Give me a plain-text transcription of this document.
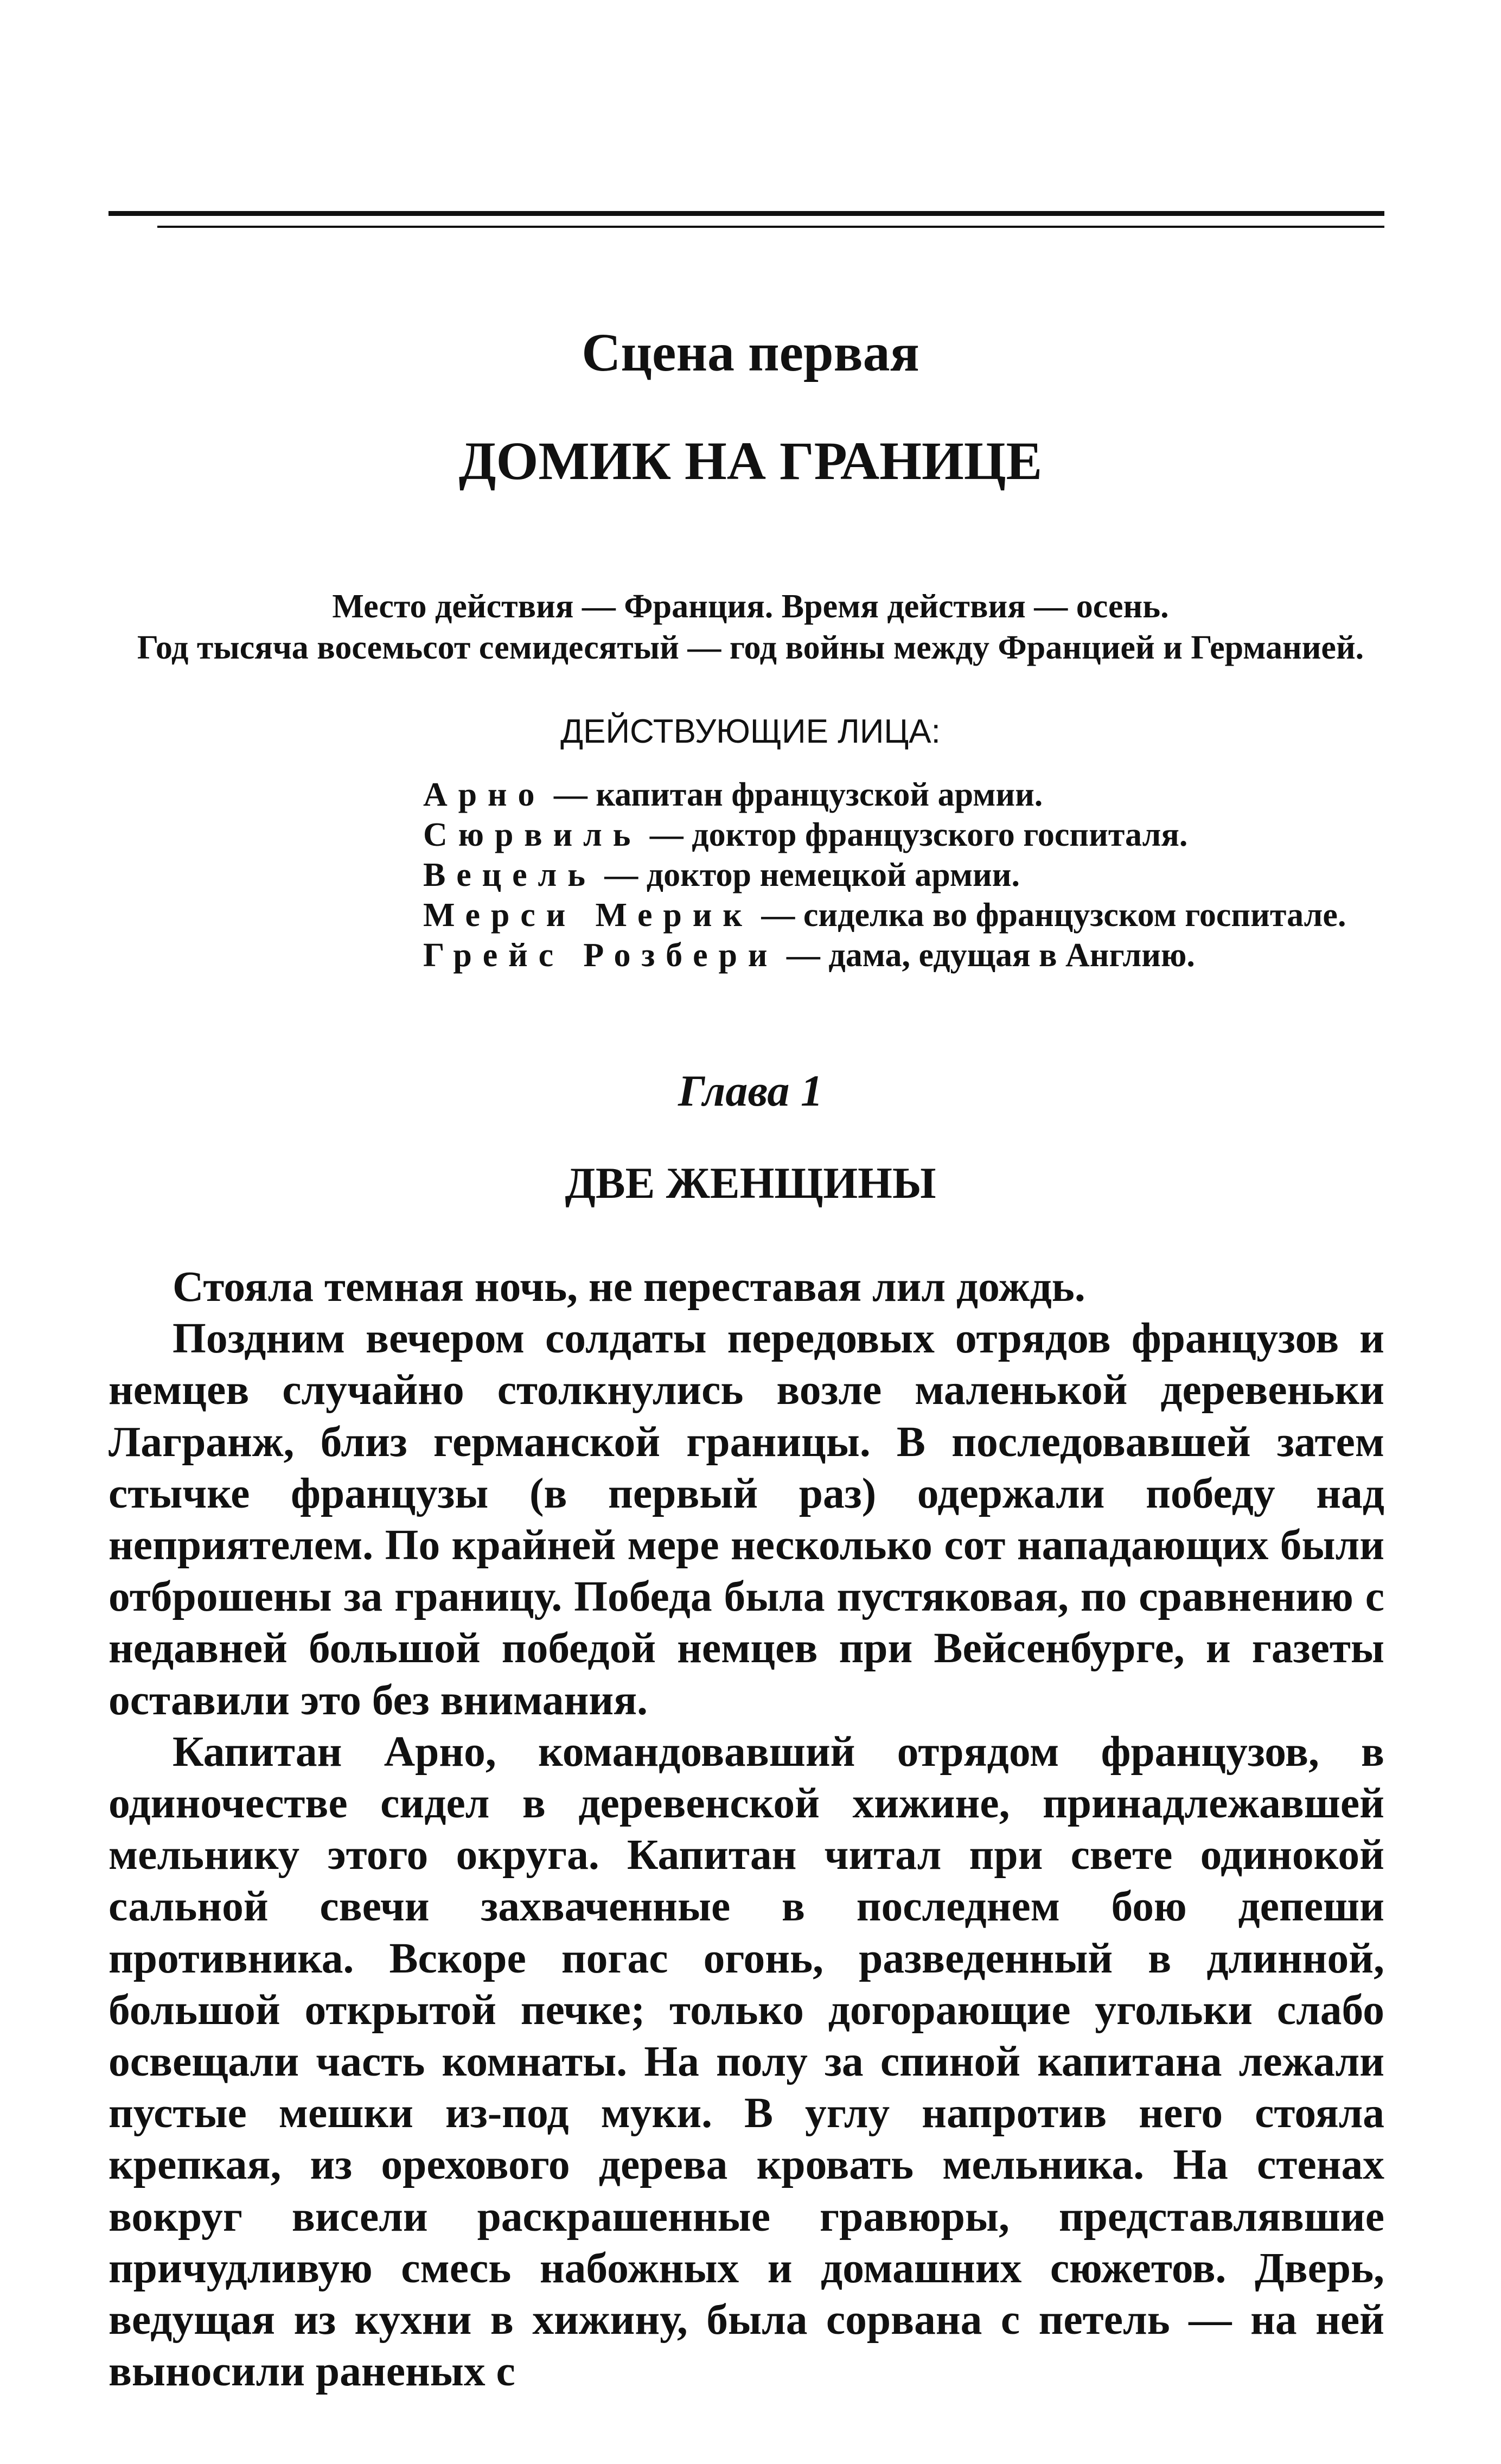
Сцена первая
ДОМИК НА ГРАНИЦЕ
Место действия — Франция. Время действия — осень.
Год тысяча восемьсот семидесятый — год войны между Францией и Германией.
ДЕЙСТВУЮЩИЕ ЛИЦА:
Арно — капитан французской армии.
Сюрвиль — доктор французского госпиталя.
Вецель — доктор немецкой армии.
Мерси Мерик — сиделка во французском госпитале.
Грейс Розбери — дама, едущая в Англию.
Глава 1
ДВЕ ЖЕНЩИНЫ

Стояла темная ночь, не переставая лил дождь.

Поздним вечером солдаты передовых отрядов французов и немцев случайно столкнулись возле маленькой деревеньки Лагранж, близ германской границы. В последовавшей затем стычке французы (в первый раз) одержали победу над неприятелем. По крайней мере несколько сот нападающих были отброшены за границу. Победа была пустяковая, по сравнению с недавней большой победой немцев при Вейсенбурге, и газеты оставили это без внимания.

Капитан Арно, командовавший отрядом французов, в одиночестве сидел в деревенской хижине, принадлежавшей мельнику этого округа. Капитан читал при свете одинокой сальной свечи захваченные в последнем бою депеши противника. Вскоре погас огонь, разведенный в длинной, большой открытой печке; только догорающие угольки слабо освещали часть комнаты. На полу за спиной капитана лежали пустые мешки из-под муки. В углу напротив него стояла крепкая, из орехового дерева кровать мельника. На стенах вокруг висели раскрашенные гравюры, представлявшие причудливую смесь набожных и домашних сюжетов. Дверь, ведущая из кухни в хижину, была сорвана с петель — на ней выносили раненых с
